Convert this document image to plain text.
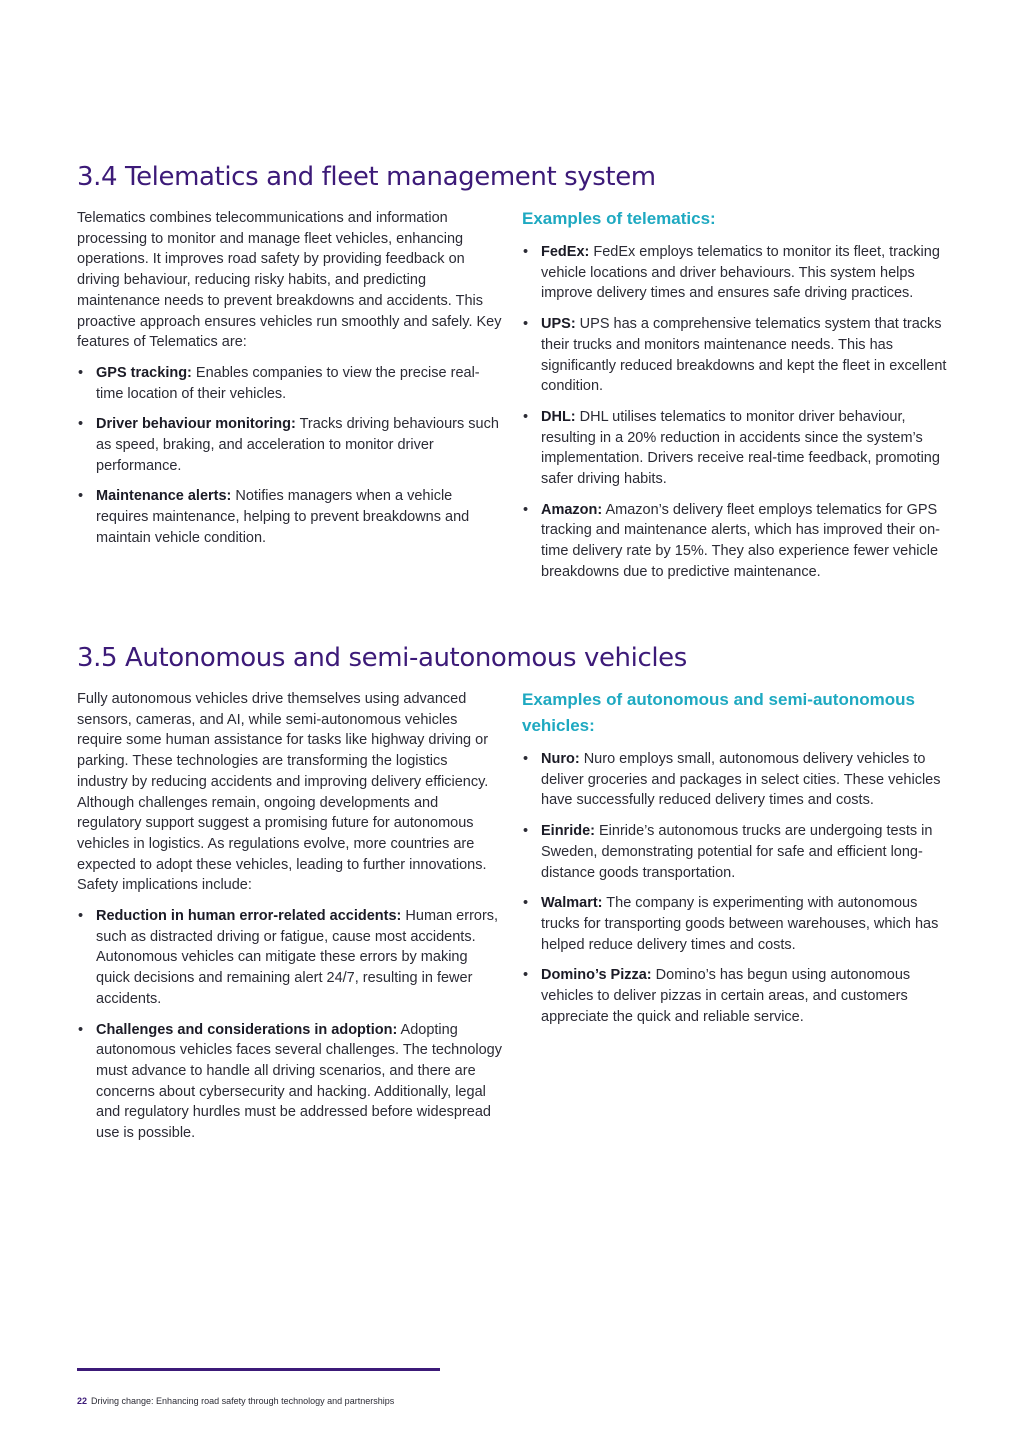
3.4 Telematics and fleet management system

Telematics combines telecommunications and information processing to monitor and manage fleet vehicles, enhancing operations. It improves road safety by providing feedback on driving behaviour, reducing risky habits, and predicting maintenance needs to prevent breakdowns and accidents. This proactive approach ensures vehicles run smoothly and safely. Key features of Telematics are:

• GPS tracking: Enables companies to view the precise real-time location of their vehicles.
• Driver behaviour monitoring: Tracks driving behaviours such as speed, braking, and acceleration to monitor driver performance.
• Maintenance alerts: Notifies managers when a vehicle requires maintenance, helping to prevent breakdowns and maintain vehicle condition.
Examples of telematics:
• FedEx: FedEx employs telematics to monitor its fleet, tracking vehicle locations and driver behaviours. This system helps improve delivery times and ensures safe driving practices.
• UPS: UPS has a comprehensive telematics system that tracks their trucks and monitors maintenance needs. This has significantly reduced breakdowns and kept the fleet in excellent condition.
• DHL: DHL utilises telematics to monitor driver behaviour, resulting in a 20% reduction in accidents since the system’s implementation. Drivers receive real-time feedback, promoting safer driving habits.
• Amazon: Amazon’s delivery fleet employs telematics for GPS tracking and maintenance alerts, which has improved their on-time delivery rate by 15%. They also experience fewer vehicle breakdowns due to predictive maintenance.
3.5 Autonomous and semi-autonomous vehicles

Fully autonomous vehicles drive themselves using advanced sensors, cameras, and AI, while semi-autonomous vehicles require some human assistance for tasks like highway driving or parking. These technologies are transforming the logistics industry by reducing accidents and improving delivery efficiency. Although challenges remain, ongoing developments and regulatory support suggest a promising future for autonomous vehicles in logistics. As regulations evolve, more countries are expected to adopt these vehicles, leading to further innovations. Safety implications include:

• Reduction in human error-related accidents: Human errors, such as distracted driving or fatigue, cause most accidents. Autonomous vehicles can mitigate these errors by making quick decisions and remaining alert 24/7, resulting in fewer accidents.
• Challenges and considerations in adoption: Adopting autonomous vehicles faces several challenges. The technology must advance to handle all driving scenarios, and there are concerns about cybersecurity and hacking. Additionally, legal and regulatory hurdles must be addressed before widespread use is possible.
Examples of autonomous and semi-autonomous vehicles:
• Nuro: Nuro employs small, autonomous delivery vehicles to deliver groceries and packages in select cities. These vehicles have successfully reduced delivery times and costs.
• Einride: Einride’s autonomous trucks are undergoing tests in Sweden, demonstrating potential for safe and efficient long-distance goods transportation.
• Walmart: The company is experimenting with autonomous trucks for transporting goods between warehouses, which has helped reduce delivery times and costs.
• Domino’s Pizza: Domino’s has begun using autonomous vehicles to deliver pizzas in certain areas, and customers appreciate the quick and reliable service.
22 Driving change: Enhancing road safety through technology and partnerships
